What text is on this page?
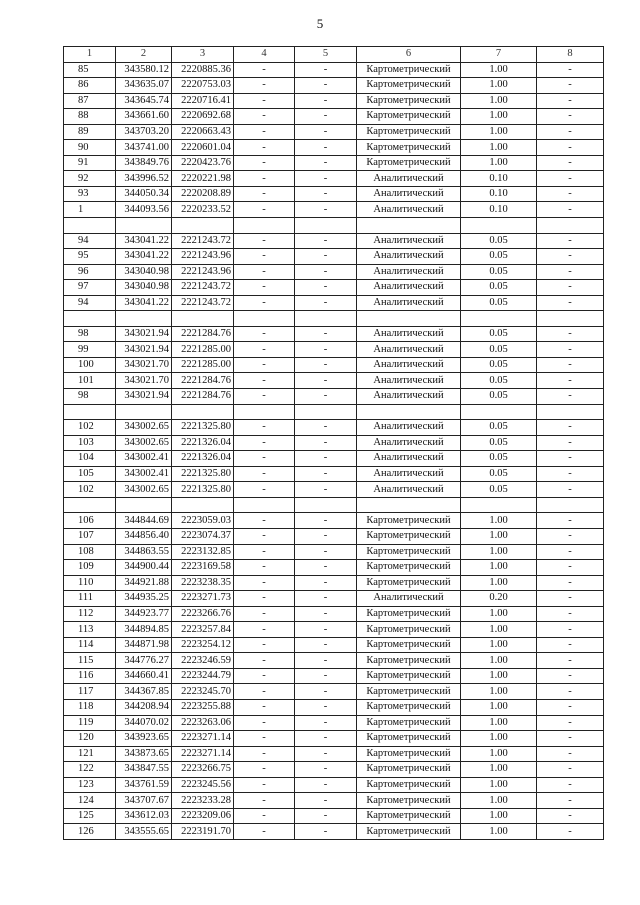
5
1	2	3	4	5	6	7	8
85	343580.12	2220885.36	-	-	Картометрический	1.00	-
86	343635.07	2220753.03	-	-	Картометрический	1.00	-
87	343645.74	2220716.41	-	-	Картометрический	1.00	-
88	343661.60	2220692.68	-	-	Картометрический	1.00	-
89	343703.20	2220663.43	-	-	Картометрический	1.00	-
90	343741.00	2220601.04	-	-	Картометрический	1.00	-
91	343849.76	2220423.76	-	-	Картометрический	1.00	-
92	343996.52	2220221.98	-	-	Аналитический	0.10	-
93	344050.34	2220208.89	-	-	Аналитический	0.10	-
1	344093.56	2220233.52	-	-	Аналитический	0.10	-

94	343041.22	2221243.72	-	-	Аналитический	0.05	-
95	343041.22	2221243.96	-	-	Аналитический	0.05	-
96	343040.98	2221243.96	-	-	Аналитический	0.05	-
97	343040.98	2221243.72	-	-	Аналитический	0.05	-
94	343041.22	2221243.72	-	-	Аналитический	0.05	-

98	343021.94	2221284.76	-	-	Аналитический	0.05	-
99	343021.94	2221285.00	-	-	Аналитический	0.05	-
100	343021.70	2221285.00	-	-	Аналитический	0.05	-
101	343021.70	2221284.76	-	-	Аналитический	0.05	-
98	343021.94	2221284.76	-	-	Аналитический	0.05	-

102	343002.65	2221325.80	-	-	Аналитический	0.05	-
103	343002.65	2221326.04	-	-	Аналитический	0.05	-
104	343002.41	2221326.04	-	-	Аналитический	0.05	-
105	343002.41	2221325.80	-	-	Аналитический	0.05	-
102	343002.65	2221325.80	-	-	Аналитический	0.05	-

106	344844.69	2223059.03	-	-	Картометрический	1.00	-
107	344856.40	2223074.37	-	-	Картометрический	1.00	-
108	344863.55	2223132.85	-	-	Картометрический	1.00	-
109	344900.44	2223169.58	-	-	Картометрический	1.00	-
110	344921.88	2223238.35	-	-	Картометрический	1.00	-
111	344935.25	2223271.73	-	-	Аналитический	0.20	-
112	344923.77	2223266.76	-	-	Картометрический	1.00	-
113	344894.85	2223257.84	-	-	Картометрический	1.00	-
114	344871.98	2223254.12	-	-	Картометрический	1.00	-
115	344776.27	2223246.59	-	-	Картометрический	1.00	-
116	344660.41	2223244.79	-	-	Картометрический	1.00	-
117	344367.85	2223245.70	-	-	Картометрический	1.00	-
118	344208.94	2223255.88	-	-	Картометрический	1.00	-
119	344070.02	2223263.06	-	-	Картометрический	1.00	-
120	343923.65	2223271.14	-	-	Картометрический	1.00	-
121	343873.65	2223271.14	-	-	Картометрический	1.00	-
122	343847.55	2223266.75	-	-	Картометрический	1.00	-
123	343761.59	2223245.56	-	-	Картометрический	1.00	-
124	343707.67	2223233.28	-	-	Картометрический	1.00	-
125	343612.03	2223209.06	-	-	Картометрический	1.00	-
126	343555.65	2223191.70	-	-	Картометрический	1.00	-
